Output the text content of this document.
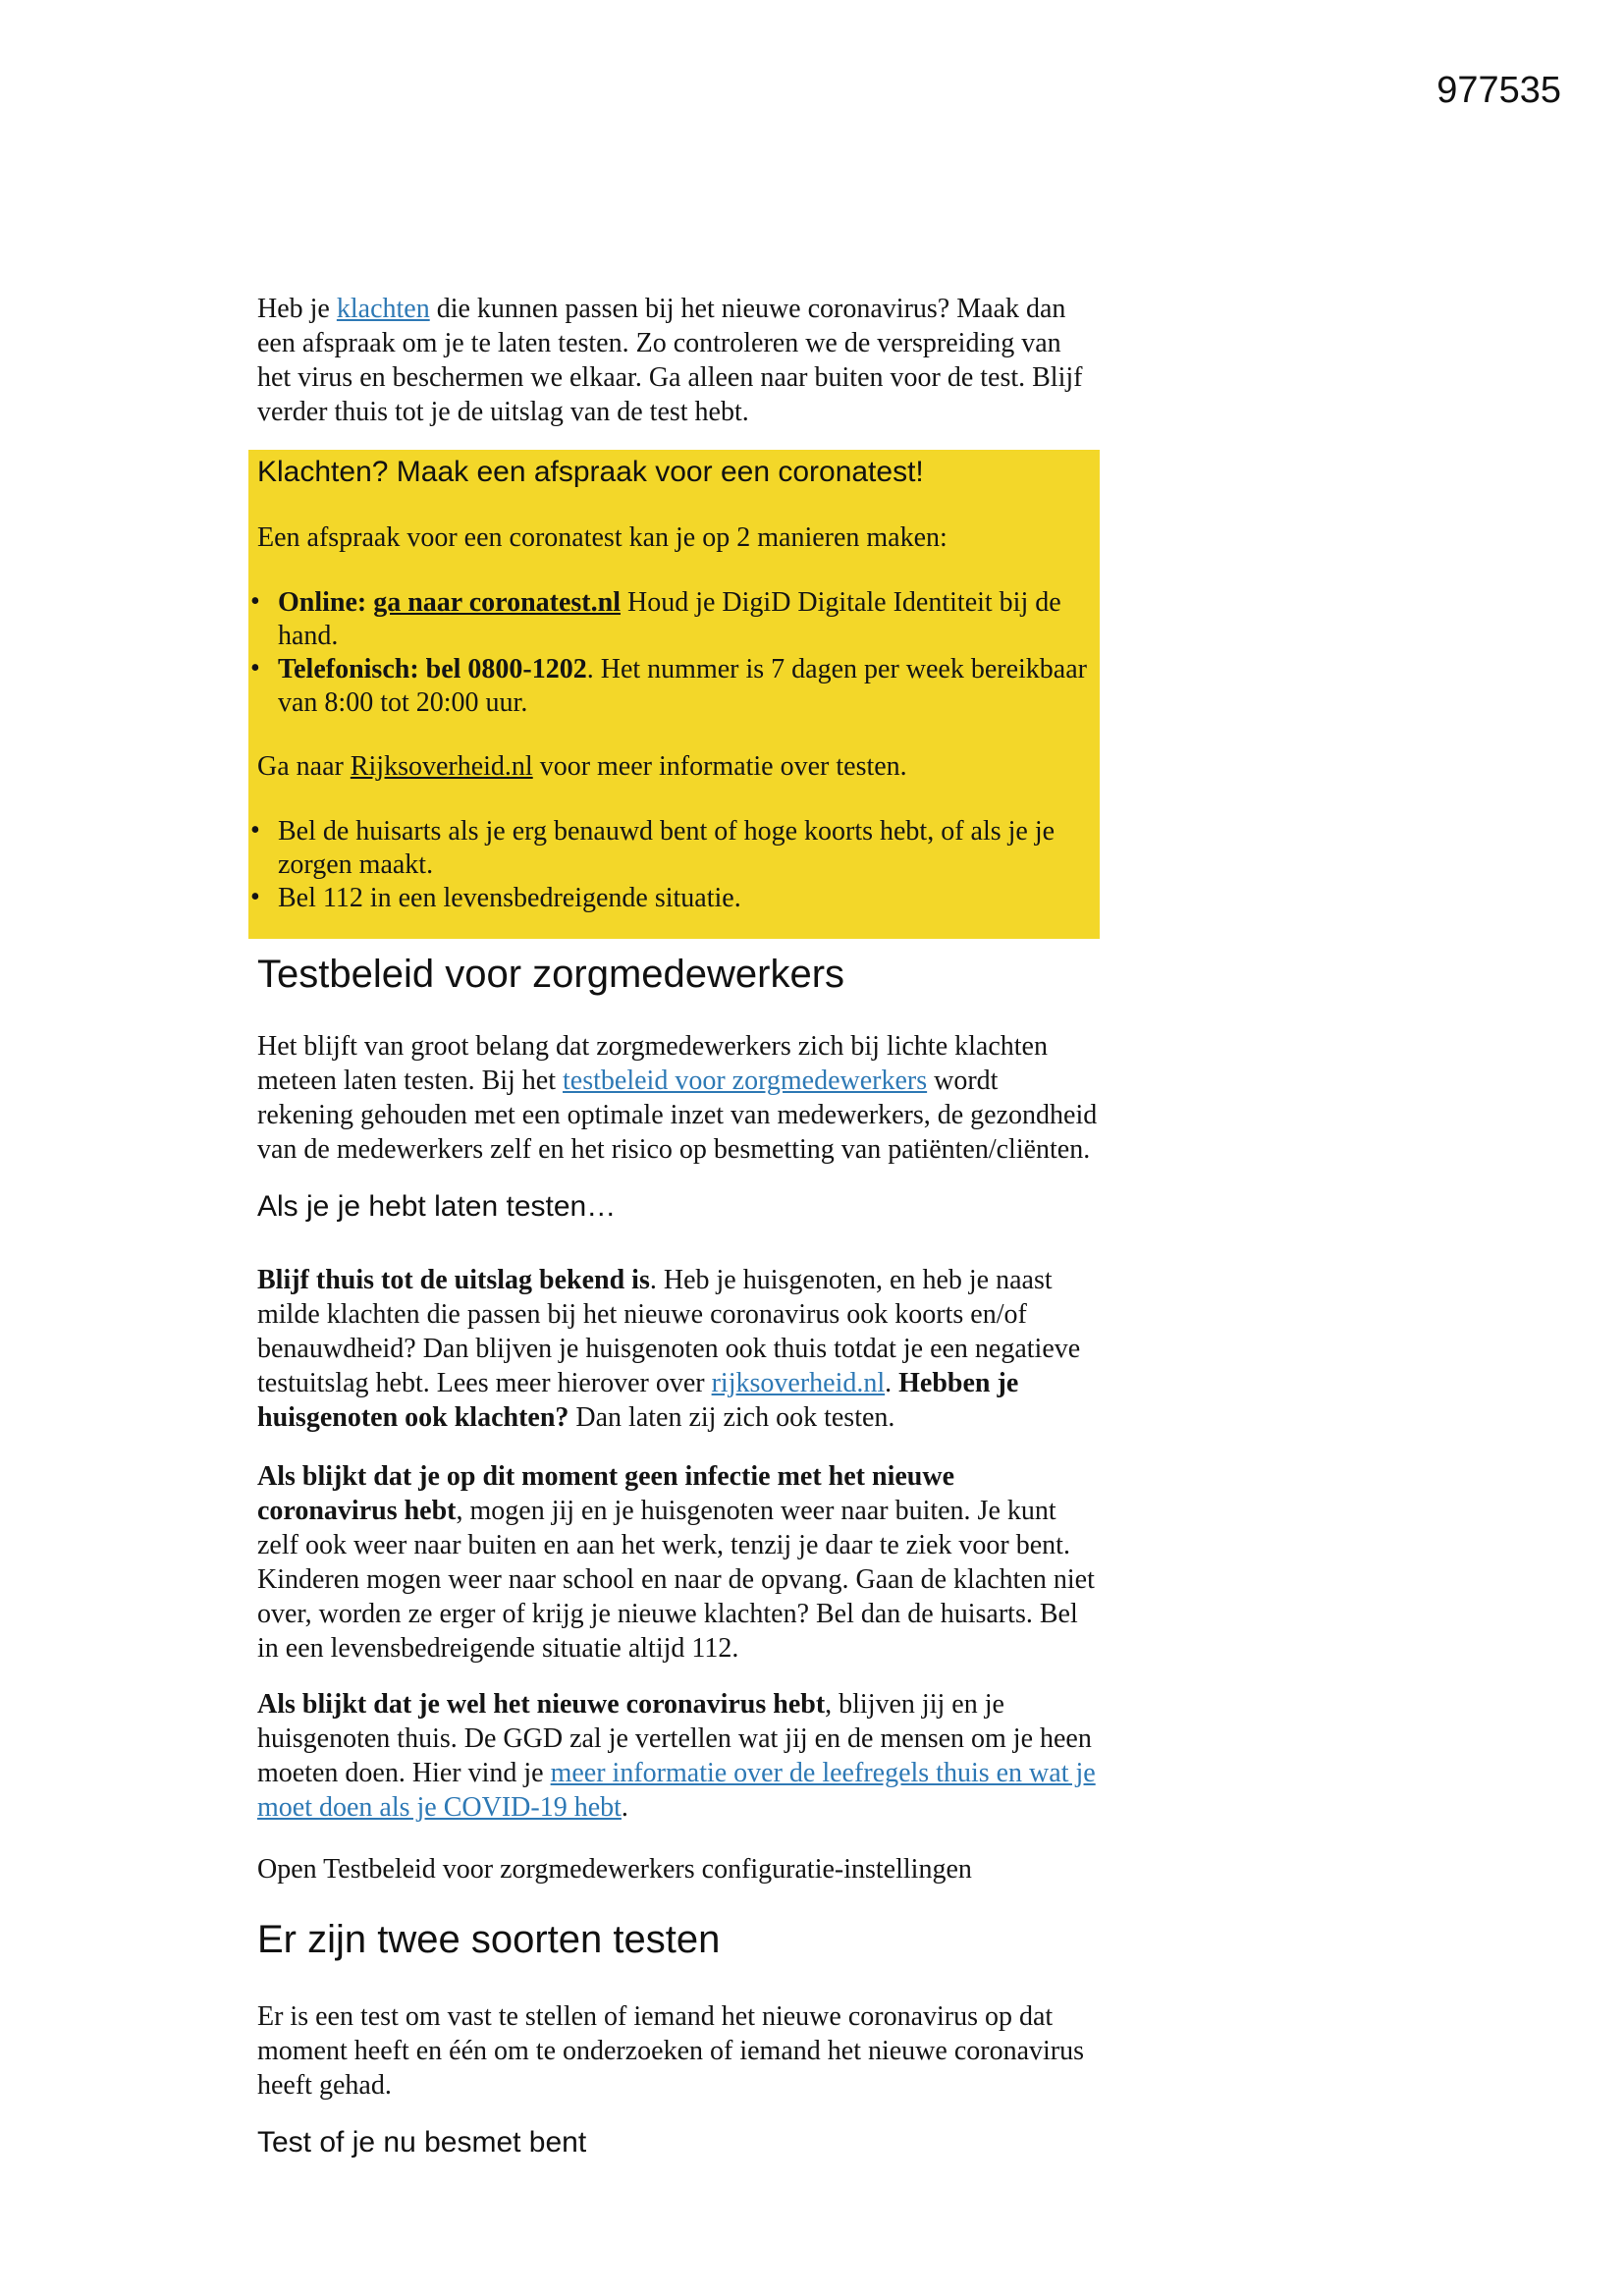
977535

Heb je klachten die kunnen passen bij het nieuwe coronavirus? Maak dan een afspraak om je te laten testen. Zo controleren we de verspreiding van het virus en beschermen we elkaar. Ga alleen naar buiten voor de test. Blijf verder thuis tot je de uitslag van de test hebt.

Klachten? Maak een afspraak voor een coronatest!

Een afspraak voor een coronatest kan je op 2 manieren maken:

• Online: ga naar coronatest.nl Houd je DigiD Digitale Identiteit bij de hand.
• Telefonisch: bel 0800-1202. Het nummer is 7 dagen per week bereikbaar van 8:00 tot 20:00 uur.

Ga naar Rijksoverheid.nl voor meer informatie over testen.

• Bel de huisarts als je erg benauwd bent of hoge koorts hebt, of als je je zorgen maakt.
• Bel 112 in een levensbedreigende situatie.
Testbeleid voor zorgmedewerkers

Het blijft van groot belang dat zorgmedewerkers zich bij lichte klachten meteen laten testen. Bij het testbeleid voor zorgmedewerkers wordt rekening gehouden met een optimale inzet van medewerkers, de gezondheid van de medewerkers zelf en het risico op besmetting van patiënten/cliënten.

Als je je hebt laten testen…

Blijf thuis tot de uitslag bekend is. Heb je huisgenoten, en heb je naast milde klachten die passen bij het nieuwe coronavirus ook koorts en/of benauwdheid? Dan blijven je huisgenoten ook thuis totdat je een negatieve testuitslag hebt. Lees meer hierover over rijksoverheid.nl. Hebben je huisgenoten ook klachten? Dan laten zij zich ook testen.

Als blijkt dat je op dit moment geen infectie met het nieuwe coronavirus hebt, mogen jij en je huisgenoten weer naar buiten. Je kunt zelf ook weer naar buiten en aan het werk, tenzij je daar te ziek voor bent. Kinderen mogen weer naar school en naar de opvang. Gaan de klachten niet over, worden ze erger of krijg je nieuwe klachten? Bel dan de huisarts. Bel in een levensbedreigende situatie altijd 112.

Als blijkt dat je wel het nieuwe coronavirus hebt, blijven jij en je huisgenoten thuis. De GGD zal je vertellen wat jij en de mensen om je heen moeten doen. Hier vind je meer informatie over de leefregels thuis en wat je moet doen als je COVID-19 hebt.

Open Testbeleid voor zorgmedewerkers configuratie-instellingen

Er zijn twee soorten testen

Er is een test om vast te stellen of iemand het nieuwe coronavirus op dat moment heeft en één om te onderzoeken of iemand het nieuwe coronavirus heeft gehad.

Test of je nu besmet bent
